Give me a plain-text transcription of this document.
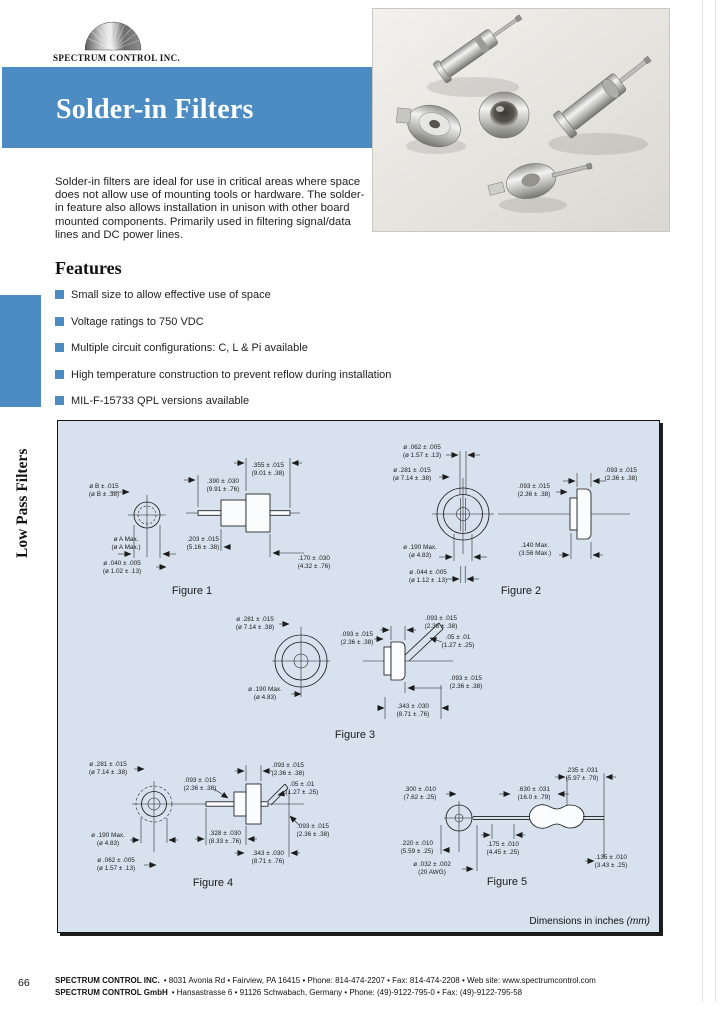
SPECTRUM CONTROL INC.
Solder-in Filters
Solder-in filters are ideal for use in critical areas where space does not allow use of mounting tools or hardware. The solder-in feature also allows installation in unison with other board mounted components. Primarily used in filtering signal/data lines and DC power lines.
Features
Small size to allow effective use of space
Voltage ratings to 750 VDC
Multiple circuit configurations: C, L & Pi available
High temperature construction to prevent reflow during installation
MIL-F-15733 QPL versions available
Low Pass Filters	ø B ± .015
(ø B ± .38)
.355 ± .015
(9.01 ± .38)
.390 ± .030
(9.91 ± .76)
ø A Max.
(ø A Max.)
.203 ± .015
(5.16 ± .38)
ø .040 ± .005
(ø 1.02 ± .13)
.170 ± .030
(4.32 ± .76)
Figure 1
ø .062 ± .005
(ø 1.57 ± .13)
ø .281 ± .015
(ø 7.14 ± .38)
.093 ± .015
(2.36 ± .38)
.093 ± .015
(2.36 ± .38)
ø .190 Max.
(ø 4.83)
.140 Max.
(3.56 Max.)
ø .044 ± .005
(ø 1.12 ± .13)
Figure 2
ø .281 ± .015
(ø 7.14 ± .38)
.093 ± .015
(2.36 ± .38)
.093 ± .015
(2.36 ± .38)
.05 ± .01
(1.27 ± .25)
.093 ± .015
(2.36 ± .38)
ø .190 Max.
(ø 4.83)
.343 ± .030
(8.71 ± .76)
Figure 3
ø .281 ± .015
(ø 7.14 ± .38)
.093 ± .015
(2.36 ± .38)
.093 ± .015
(2.36 ± .38)
.05 ± .01
(1.27 ± .25)
.093 ± .015
(2.36 ± .38)
ø .190 Max.
(ø 4.83)
.328 ± .030
(8.33 ± .76)
ø .062 ± .005
(ø 1.57 ± .13)
.343 ± .030
(8.71 ± .76)
Figure 4
.300 ± .010
(7.62 ± .25)
.630 ± .031
(16.0 ± .79)
.235 ± .031
(5.97 ± .79)
.220 ± .010
(5.59 ± .25)
.175 ± .010
(4.45 ± .25)
ø .032 ± .002
(20 AWG)
.135 ± .010
(3.43 ± .25)
Figure 5
Dimensions in inches (mm)
66	SPECTRUM CONTROL INC. • 8031 Avonia Rd • Fairview, PA 16415 • Phone: 814-474-2207 • Fax: 814-474-2208 • Web site: www.spectrumcontrol.com
SPECTRUM CONTROL GmbH • Hansastrasse 6 • 91126 Schwabach, Germany • Phone: (49)-9122-795-0 • Fax: (49)-9122-795-58
